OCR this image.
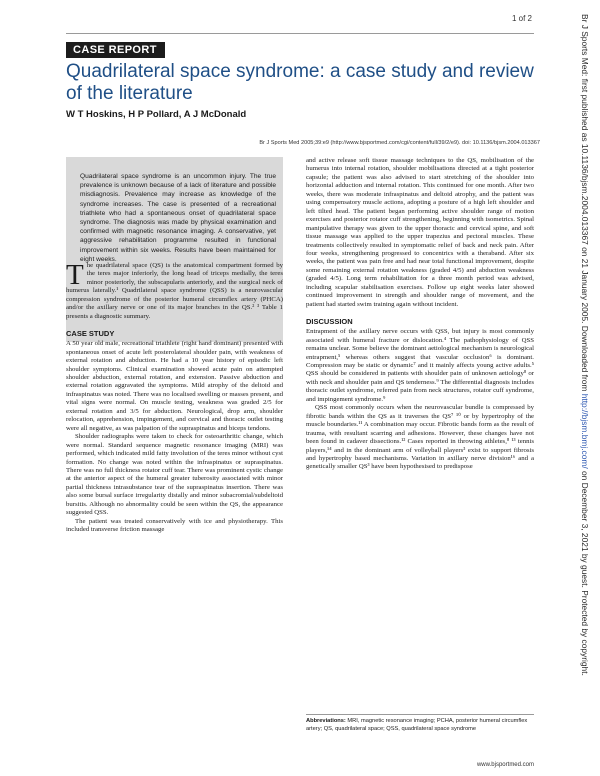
1 of 2
CASE REPORT
Quadrilateral space syndrome: a case study and review of the literature
W T Hoskins, H P Pollard, A J McDonald
Br J Sports Med 2005;39:e9 (http://www.bjsportmed.com/cgi/content/full/39/2/e9). doi: 10.1136/bjsm.2004.013367
Quadrilateral space syndrome is an uncommon injury. The true prevalence is unknown because of a lack of literature and possible misdiagnosis. Prevalence may increase as knowledge of the syndrome increases. The case is presented of a recreational triathlete who had a spontaneous onset of quadrilateral space syndrome. The diagnosis was made by physical examination and confirmed with magnetic resonance imaging. A conservative, yet aggressive rehabilitation programme resulted in functional improvement within six weeks. Results have been maintained for eight weeks.
The quadrilateral space (QS) is the anatomical compartment formed by the teres major inferiorly, the long head of triceps medially, the teres minor posteriorly, the subscapularis anteriorly, and the surgical neck of humerus laterally.¹ Quadrilateral space syndrome (QSS) is a neurovascular compression syndrome of the posterior humeral circumflex artery (PHCA) and/or the axillary nerve or one of its major branches in the QS.² ³ Table 1 presents a diagnostic summary.
CASE STUDY

A 50 year old male, recreational triathlete (right hand dominant) presented with spontaneous onset of acute left posterolateral shoulder pain, with weakness of external rotation and abduction. He had a 10 year history of episodic left shoulder symptoms. Clinical examination showed acute pain on attempted shoulder abduction, external rotation, and extension. Passive abduction and external rotation aggravated the symptoms. Mild atrophy of the deltoid and infraspinatus was noted. There was no localised swelling or masses present, and vital signs were normal. On muscle testing, weakness was graded 2/5 for external rotation and 3/5 for abduction. Neurological, drop arm, shoulder relocation, apprehension, impingement, and cervical and thoracic outlet testing were all negative, as was palpation of the supraspinatus and biceps tendons.

Shoulder radiographs were taken to check for osteoarthritic change, which were normal. Standard sequence magnetic resonance imaging (MRI) was performed, which indicated mild fatty involution of the teres minor without cyst formation. No change was noted within the infraspinatus or supraspinatus. There was no full thickness rotator cuff tear. There was prominent cystic change at the anterior aspect of the humeral greater tuberosity associated with minor partial thickness intrasubstance tear of the supraspinatus insertion. There was also some bursal surface irregularity distally and minor subacromial/subdeltoid bursitis. Although no abnormality could be seen within the QS, the appearance suggested QSS.

The patient was treated conservatively with ice and physiotherapy. This included transverse friction massage

and active release soft tissue massage techniques to the QS, mobilisation of the humerus into internal rotation, shoulder mobilisations directed at a tight posterior capsule; the patient was also advised to start stretching of the shoulder into horizontal adduction and internal rotation. This continued for one month. After two weeks, there was moderate infraspinatus and deltoid atrophy, and the patient was using compensatory muscle actions, adopting a posture of a high left shoulder and left tilted head. The patient began performing active shoulder range of motion exercises and posterior rotator cuff strengthening, beginning with isometrics. Spinal manipulative therapy was given to the upper thoracic and cervical spine, and soft tissue massage was applied to the upper trapezius and pectoral muscles. These treatments collectively resulted in symptomatic relief of back and neck pain. After four weeks, strengthening progressed to concentrics with a theraband. After six weeks, the patient was pain free and had near total functional improvement, despite some remaining external rotation weakness (graded 4/5) and abduction weakness (graded 4/5). Long term rehabilitation for a three month period was advised, including scapular stabilisation exercises. Follow up eight weeks later showed continued improvement in strength and shoulder range of movement, and the patient had started swim training again without incident.

DISCUSSION

Entrapment of the axillary nerve occurs with QSS, but injury is most commonly associated with humeral fracture or dislocation.⁴ The pathophysiology of QSS remains unclear. Some believe the dominant aetiological mechanism is neurological entrapment,⁵ whereas others suggest that vascular occlusion⁶ is dominant. Compression may be static or dynamic⁷ and it mainly affects young active adults.⁵ QSS should be considered in patients with shoulder pain of unknown aetiology⁸ or with neck and shoulder pain and QS tenderness.⁹ The differential diagnosis includes thoracic outlet syndrome, referred pain from neck structures, rotator cuff syndrome, and impingement syndrome.⁹

QSS most commonly occurs when the neurovascular bundle is compressed by fibrotic bands within the QS as it traverses the QS⁷ ¹⁰ or by hypertrophy of the muscle boundaries.¹¹ A combination may occur. Fibrotic bands form as the result of trauma, with resultant scarring and adhesions. However, these changes have not been found in cadaver dissections.¹² Cases reported in throwing athletes,⁸ ¹³ tennis players,¹⁴ and in the dominant arm of volleyball players³ exist to support fibrosis and hypertrophy based mechanisms. Variation in axillary nerve division¹⁶ and a genetically smaller QS³ have been hypothesised to predispose

Abbreviations: MRI, magnetic resonance imaging; PCHA, posterior humeral circumflex artery; QS, quadrilateral space; QSS, quadrilateral space syndrome
www.bjsportmed.com
Br J Sports Med: first published as 10.1136/bjsm.2004.013367 on 21 January 2005. Downloaded from http://bjsm.bmj.com/ on December 3, 2021 by guest. Protected by copyright.
